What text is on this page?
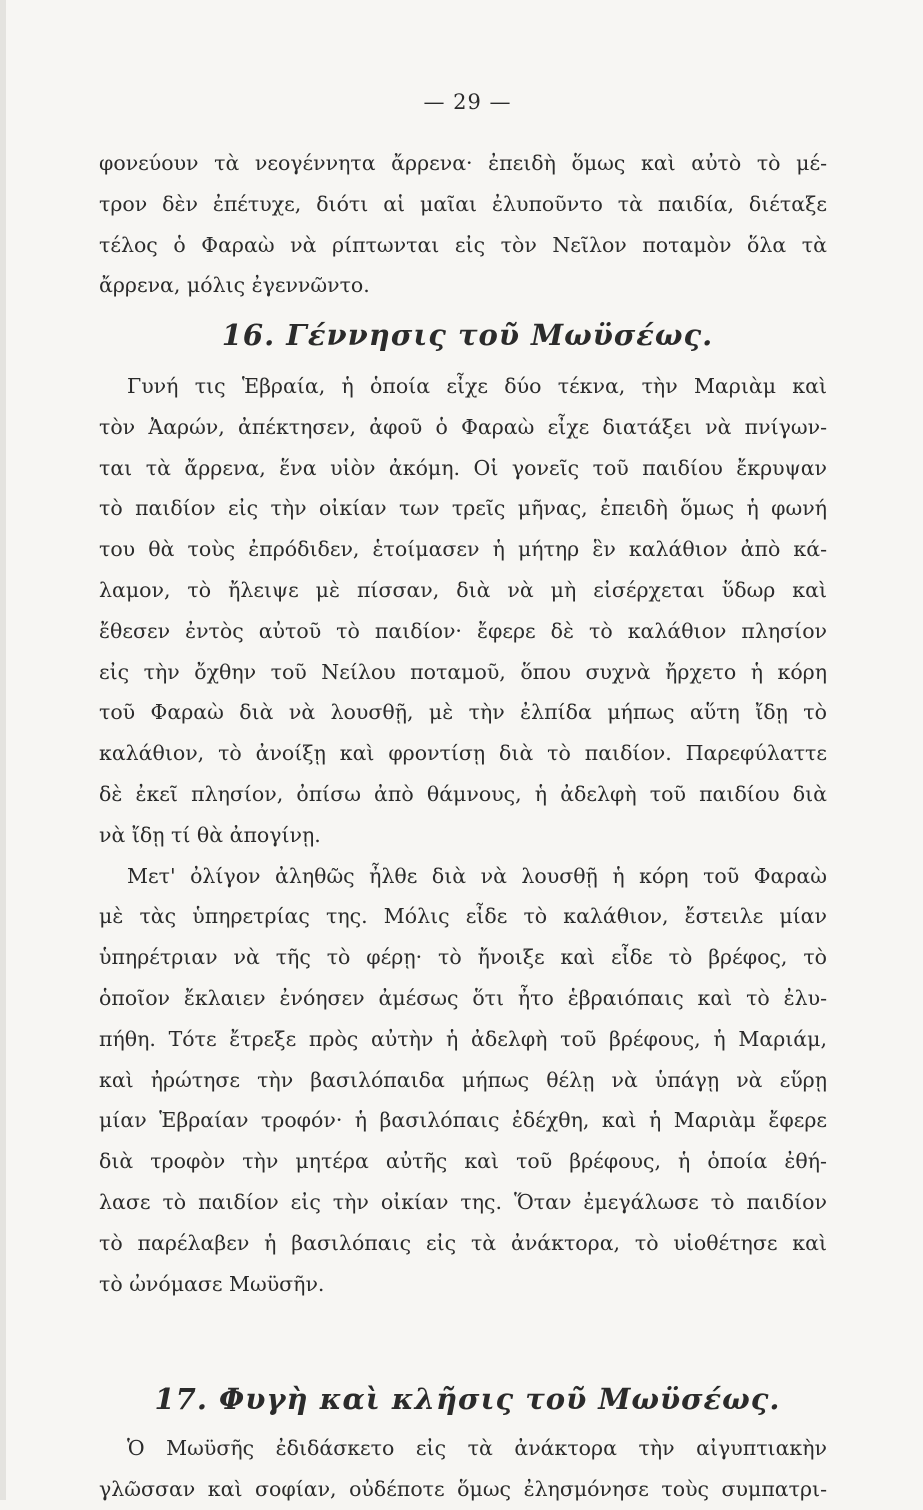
— 29 —
φονεύουν τὰ νεογέννητα ἄρρενα· ἐπειδὴ ὅμως καὶ αὐτὸ τὸ μέ-
τρον δὲν ἐπέτυχε, διότι αἱ μαῖαι ἐλυποῦντο τὰ παιδία, διέταξε
τέλος ὁ Φαραὼ νὰ ρίπτωνται εἰς τὸν Νεῖλον ποταμὸν ὅλα τὰ
ἄρρενα, μόλις ἐγεννῶντο.
16. Γέννησις τοῦ Μωϋσέως.
Γυνή τις Ἑβραία, ἡ ὁποία εἶχε δύο τέκνα, τὴν Μαριὰμ καὶ
τὸν Ἀαρών, ἀπέκτησεν, ἀφοῦ ὁ Φαραὼ εἶχε διατάξει νὰ πνίγων-
ται τὰ ἄρρενα, ἕνα υἱὸν ἀκόμη. Οἱ γονεῖς τοῦ παιδίου ἔκρυψαν
τὸ παιδίον εἰς τὴν οἰκίαν των τρεῖς μῆνας, ἐπειδὴ ὅμως ἡ φωνή
του θὰ τοὺς ἐπρόδιδεν, ἑτοίμασεν ἡ μήτηρ ἓν καλάθιον ἀπὸ κά-
λαμον, τὸ ἤλειψε μὲ πίσσαν, διὰ νὰ μὴ εἰσέρχεται ὕδωρ καὶ
ἔθεσεν ἐντὸς αὐτοῦ τὸ παιδίον· ἔφερε δὲ τὸ καλάθιον πλησίον
εἰς τὴν ὄχθην τοῦ Νείλου ποταμοῦ, ὅπου συχνὰ ἤρχετο ἡ κόρη
τοῦ Φαραὼ διὰ νὰ λουσθῇ, μὲ τὴν ἐλπίδα μήπως αὕτη ἴδῃ τὸ
καλάθιον, τὸ ἀνοίξῃ καὶ φροντίσῃ διὰ τὸ παιδίον. Παρεφύλαττε
δὲ ἐκεῖ πλησίον, ὀπίσω ἀπὸ θάμνους, ἡ ἀδελφὴ τοῦ παιδίου διὰ
νὰ ἴδῃ τί θὰ ἀπογίνῃ.
Μετ' ὀλίγον ἀληθῶς ἦλθε διὰ νὰ λουσθῇ ἡ κόρη τοῦ Φαραὼ
μὲ τὰς ὑπηρετρίας της. Μόλις εἶδε τὸ καλάθιον, ἔστειλε μίαν
ὑπηρέτριαν νὰ τῆς τὸ φέρῃ· τὸ ἤνοιξε καὶ εἶδε τὸ βρέφος, τὸ
ὁποῖον ἔκλαιεν ἐνόησεν ἀμέσως ὅτι ἦτο ἑβραιόπαις καὶ τὸ ἐλυ-
πήθη. Τότε ἔτρεξε πρὸς αὐτὴν ἡ ἀδελφὴ τοῦ βρέφους, ἡ Μαριάμ,
καὶ ἠρώτησε τὴν βασιλόπαιδα μήπως θέλῃ νὰ ὑπάγῃ νὰ εὕρῃ
μίαν Ἑβραίαν τροφόν· ἡ βασιλόπαις ἐδέχθη, καὶ ἡ Μαριὰμ ἔφερε
διὰ τροφὸν τὴν μητέρα αὐτῆς καὶ τοῦ βρέφους, ἡ ὁποία ἐθή-
λασε τὸ παιδίον εἰς τὴν οἰκίαν της. Ὅταν ἐμεγάλωσε τὸ παιδίον
τὸ παρέλαβεν ἡ βασιλόπαις εἰς τὰ ἀνάκτορα, τὸ υἱοθέτησε καὶ
τὸ ὠνόμασε Μωϋσῆν.
17. Φυγὴ καὶ κλῆσις τοῦ Μωϋσέως.
Ὁ Μωϋσῆς ἐδιδάσκετο εἰς τὰ ἀνάκτορα τὴν αἰγυπτιακὴν
γλῶσσαν καὶ σοφίαν, οὐδέποτε ὅμως ἐλησμόνησε τοὺς συμπατρι-
